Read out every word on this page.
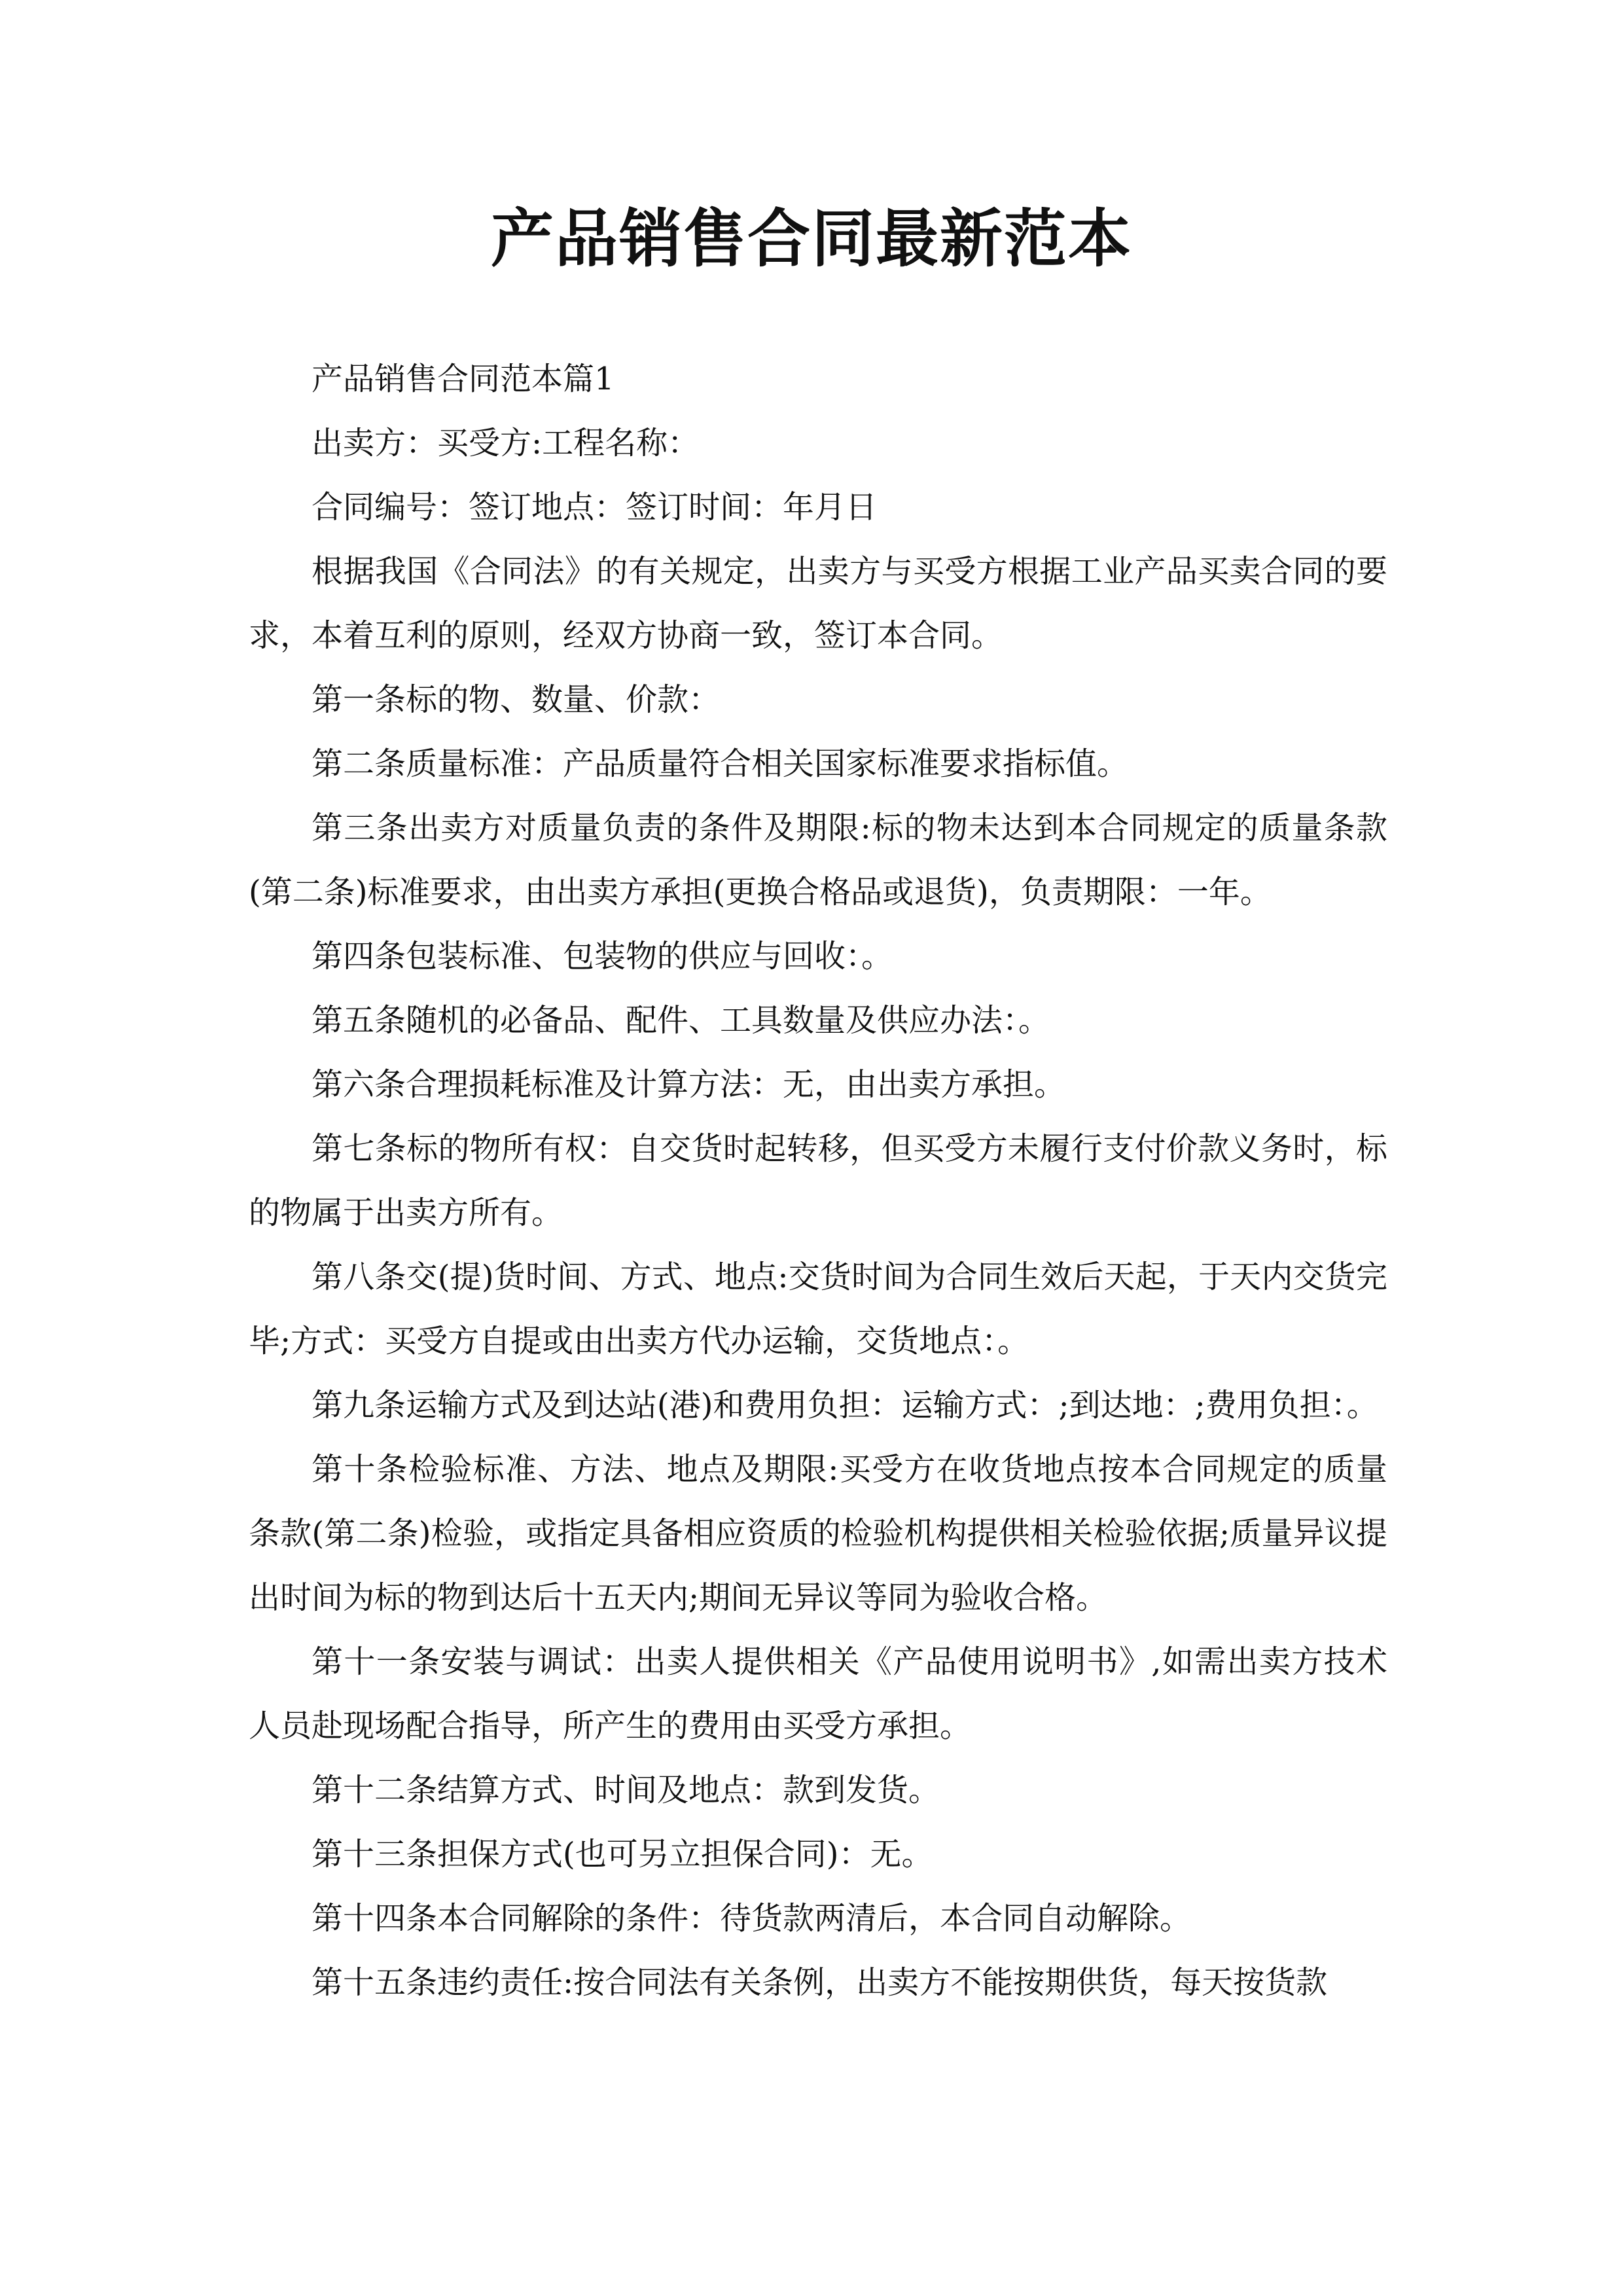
产品销售合同最新范本

产品销售合同范本篇1

出卖方：买受方:工程名称：

合同编号：签订地点：签订时间：年月日

根据我国《合同法》的有关规定，出卖方与买受方根据工业产品买卖合同的要求，本着互利的原则，经双方协商一致，签订本合同。

第一条标的物、数量、价款：

第二条质量标准：产品质量符合相关国家标准要求指标值。

第三条出卖方对质量负责的条件及期限:标的物未达到本合同规定的质量条款(第二条)标准要求，由出卖方承担(更换合格品或退货)，负责期限：一年。

第四条包装标准、包装物的供应与回收：。

第五条随机的必备品、配件、工具数量及供应办法：。

第六条合理损耗标准及计算方法：无，由出卖方承担。

第七条标的物所有权：自交货时起转移，但买受方未履行支付价款义务时，标的物属于出卖方所有。

第八条交(提)货时间、方式、地点:交货时间为合同生效后天起，于天内交货完毕;方式：买受方自提或由出卖方代办运输，交货地点：。

第九条运输方式及到达站(港)和费用负担：运输方式：;到达地：;费用负担：。

第十条检验标准、方法、地点及期限:买受方在收货地点按本合同规定的质量条款(第二条)检验，或指定具备相应资质的检验机构提供相关检验依据;质量异议提出时间为标的物到达后十五天内;期间无异议等同为验收合格。

第十一条安装与调试：出卖人提供相关《产品使用说明书》,如需出卖方技术人员赴现场配合指导，所产生的费用由买受方承担。

第十二条结算方式、时间及地点：款到发货。

第十三条担保方式(也可另立担保合同)：无。

第十四条本合同解除的条件：待货款两清后，本合同自动解除。

第十五条违约责任:按合同法有关条例，出卖方不能按期供货，每天按货款
